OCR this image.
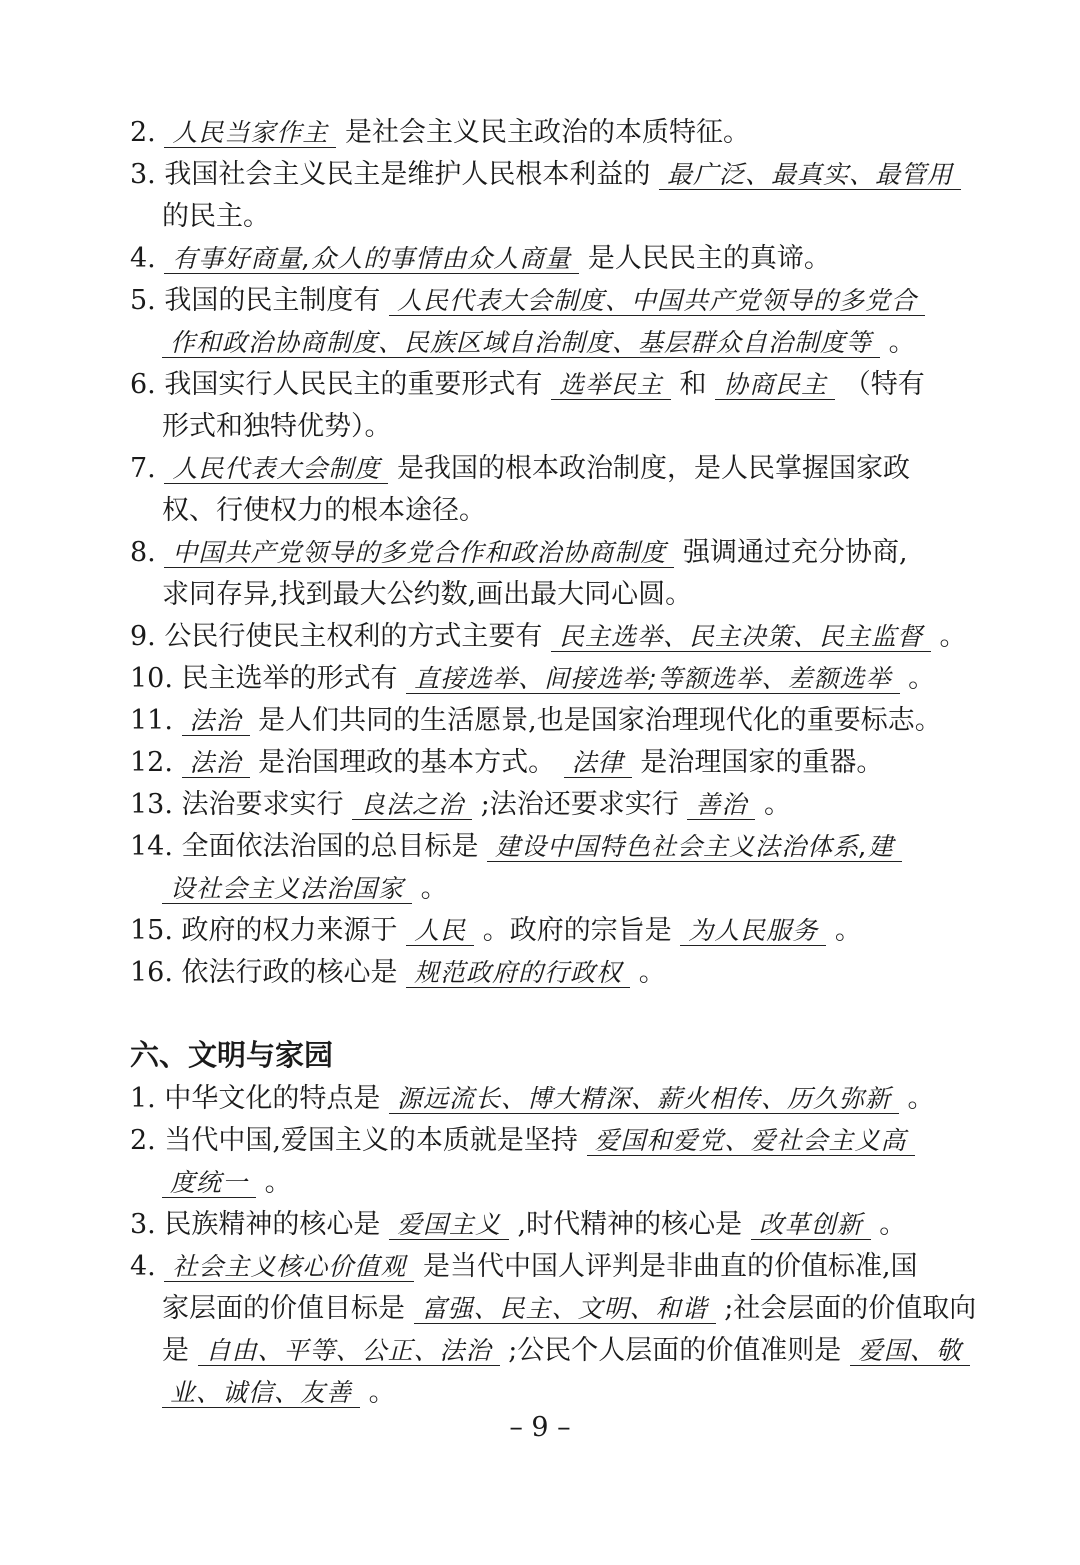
2. 人民当家作主 是社会主义民主政治的本质特征。
3. 我国社会主义民主是维护人民根本利益的 最广泛、最真实、最管用
的民主。
4. 有事好商量,众人的事情由众人商量 是人民民主的真谛。
5. 我国的民主制度有 人民代表大会制度、中国共产党领导的多党合
作和政治协商制度、民族区域自治制度、基层群众自治制度等 。
6. 我国实行人民民主的重要形式有 选举民主 和 协商民主 （特有
形式和独特优势）。
7. 人民代表大会制度 是我国的根本政治制度，是人民掌握国家政
权、行使权力的根本途径。
8. 中国共产党领导的多党合作和政治协商制度 强调通过充分协商,
求同存异,找到最大公约数,画出最大同心圆。
9. 公民行使民主权利的方式主要有 民主选举、民主决策、民主监督 。
10. 民主选举的形式有 直接选举、间接选举;等额选举、差额选举 。
11. 法治 是人们共同的生活愿景,也是国家治理现代化的重要标志。
12. 法治 是治国理政的基本方式。 法律 是治理国家的重器。
13. 法治要求实行 良法之治 ;法治还要求实行 善治 。
14. 全面依法治国的总目标是 建设中国特色社会主义法治体系,建
设社会主义法治国家 。
15. 政府的权力来源于 人民 。政府的宗旨是 为人民服务 。
16. 依法行政的核心是 规范政府的行政权 。
六、文明与家园
1. 中华文化的特点是 源远流长、博大精深、薪火相传、历久弥新 。
2. 当代中国,爱国主义的本质就是坚持 爱国和爱党、爱社会主义高
度统一 。
3. 民族精神的核心是 爱国主义 ,时代精神的核心是 改革创新 。
4. 社会主义核心价值观 是当代中国人评判是非曲直的价值标准,国
家层面的价值目标是 富强、民主、文明、和谐 ;社会层面的价值取向
是 自由、平等、公正、法治 ;公民个人层面的价值准则是 爱国、敬
业、诚信、友善 。
– 9 –
